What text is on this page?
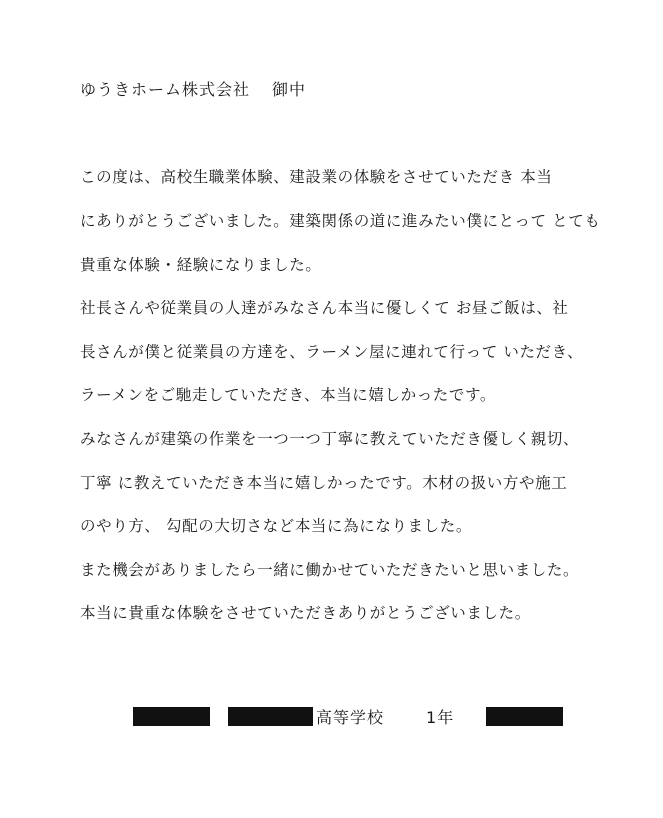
ゆうきホーム株式会社 御中
この度は、高校生職業体験、建設業の体験をさせていただき 本当
にありがとうございました。建築関係の道に進みたい僕にとって とても
貴重な体験・経験になりました。
社長さんや従業員の人達がみなさん本当に優しくて お昼ご飯は、社
長さんが僕と従業員の方達を、ラーメン屋に連れて行って いただき、
ラーメンをご馳走していただき、本当に嬉しかったです。
みなさんが建築の作業を一つ一つ丁寧に教えていただき優しく親切、
丁寧 に教えていただき本当に嬉しかったです。木材の扱い方や施工
のやり方、 勾配の大切さなど本当に為になりました。
また機会がありましたら一緒に働かせていただきたいと思いました。
本当に貴重な体験をさせていただきありがとうございました。
高等学校	1年
